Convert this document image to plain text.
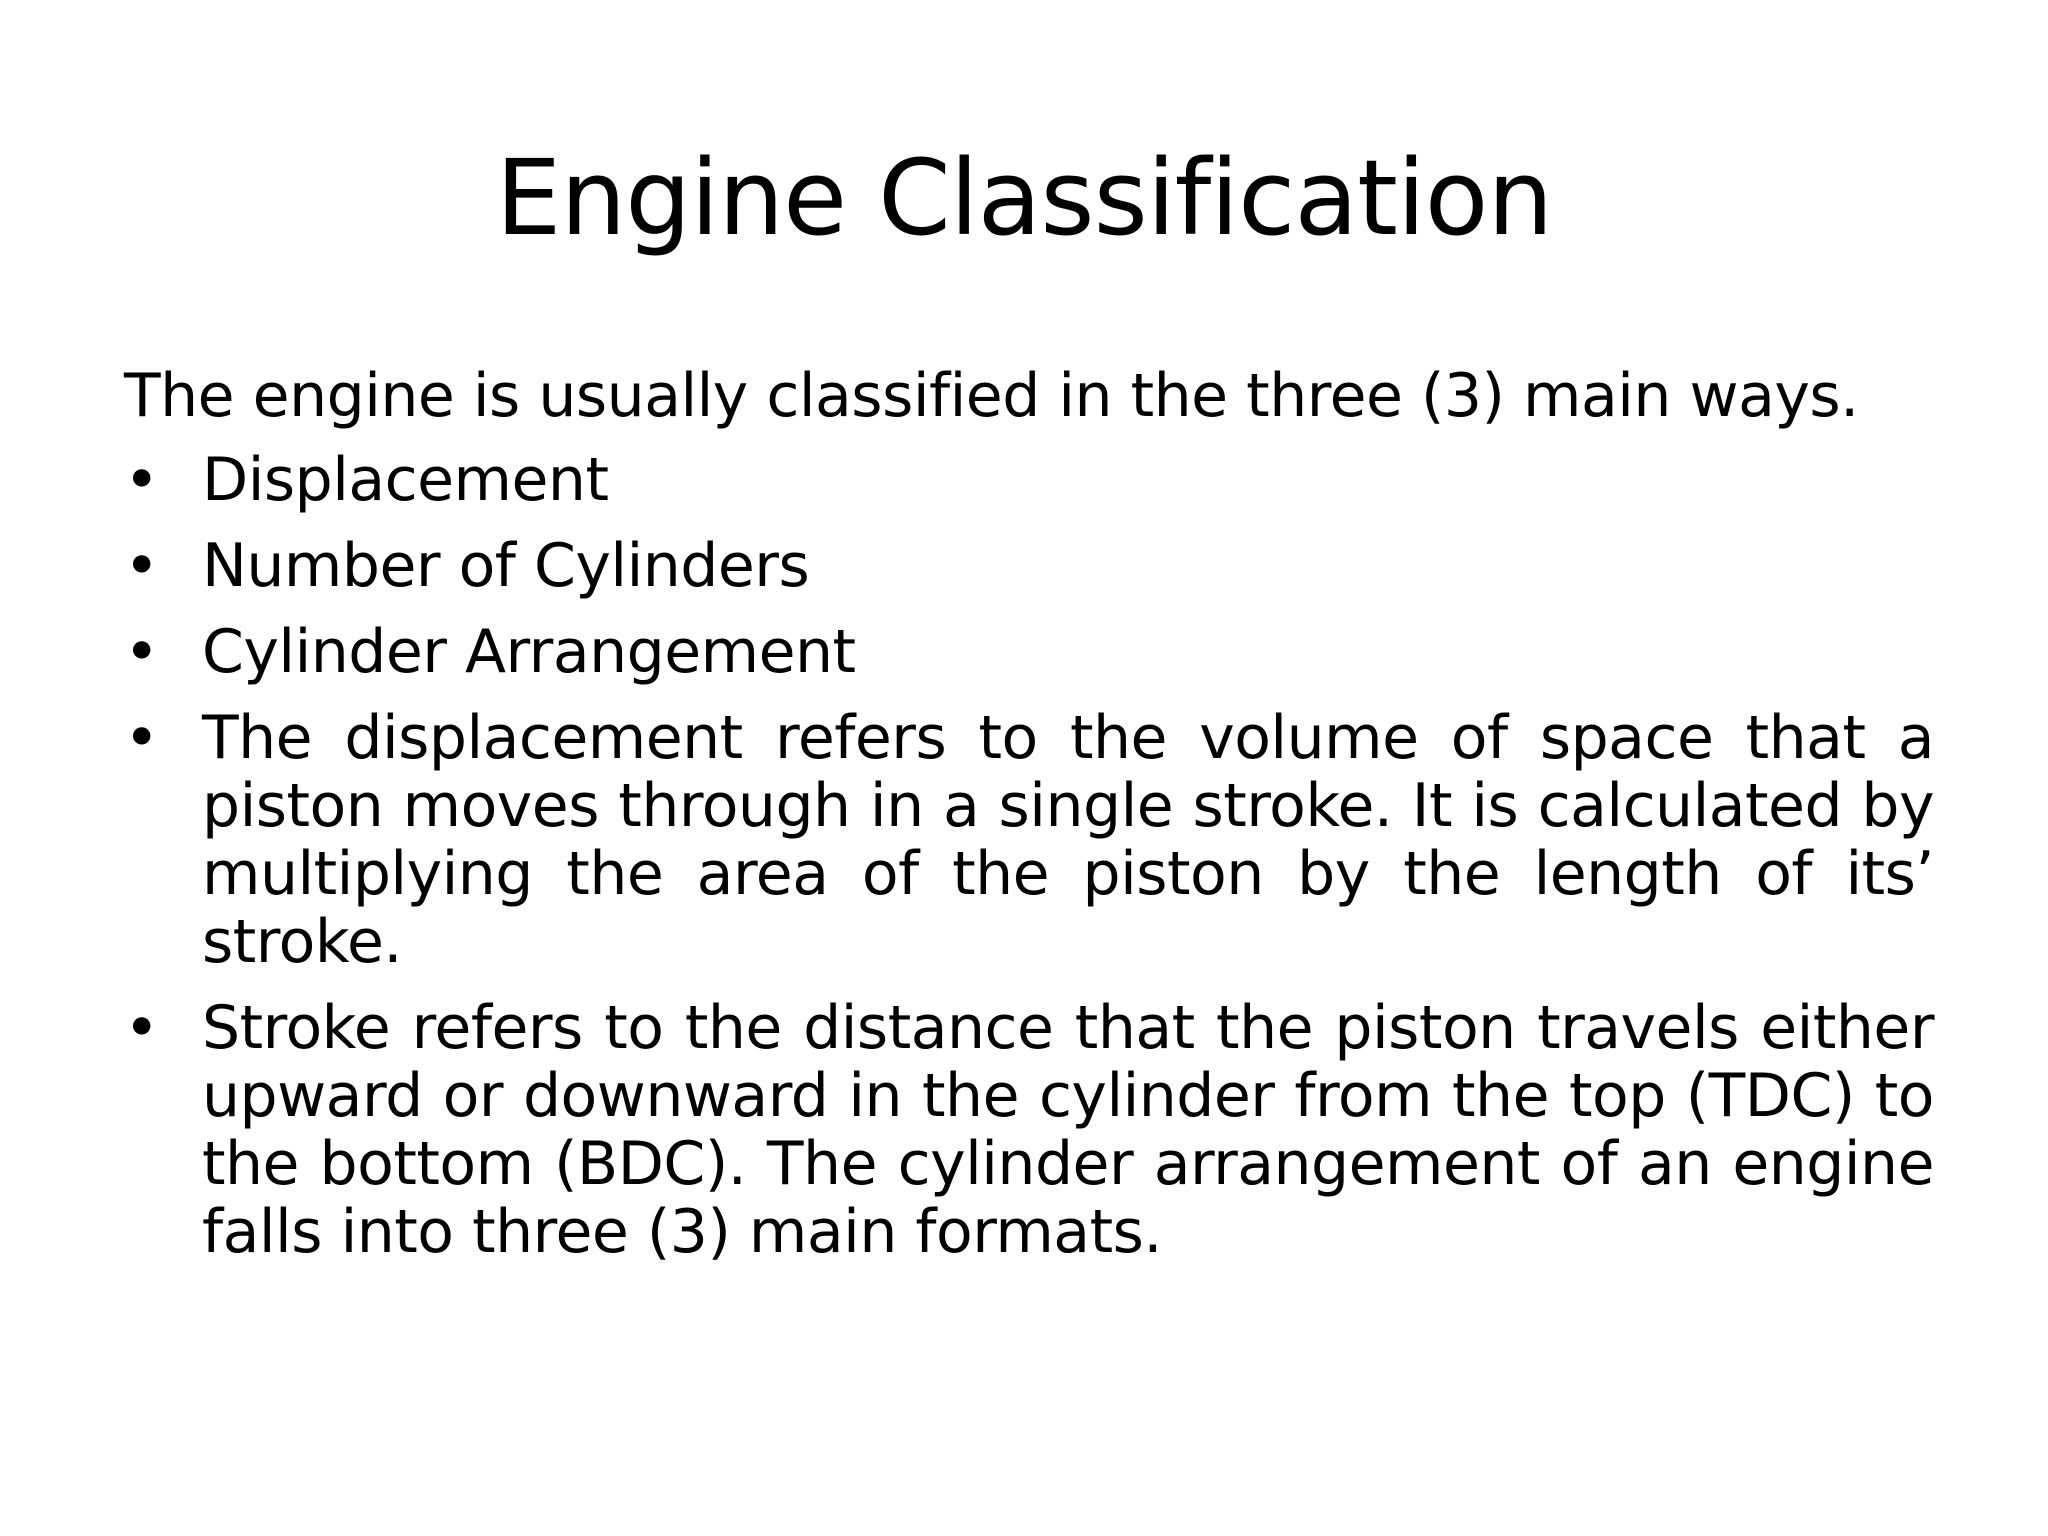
Engine Classification

The engine is usually classified in the three (3) main ways.

• Displacement
• Number of Cylinders
• Cylinder Arrangement
• The displacement refers to the volume of space that a piston moves through in a single stroke. It is calculated by multiplying the area of the piston by the length of its’ stroke.
• Stroke refers to the distance that the piston travels either upward or downward in the cylinder from the top (TDC) to the bottom (BDC). The cylinder arrangement of an engine falls into three (3) main formats.
